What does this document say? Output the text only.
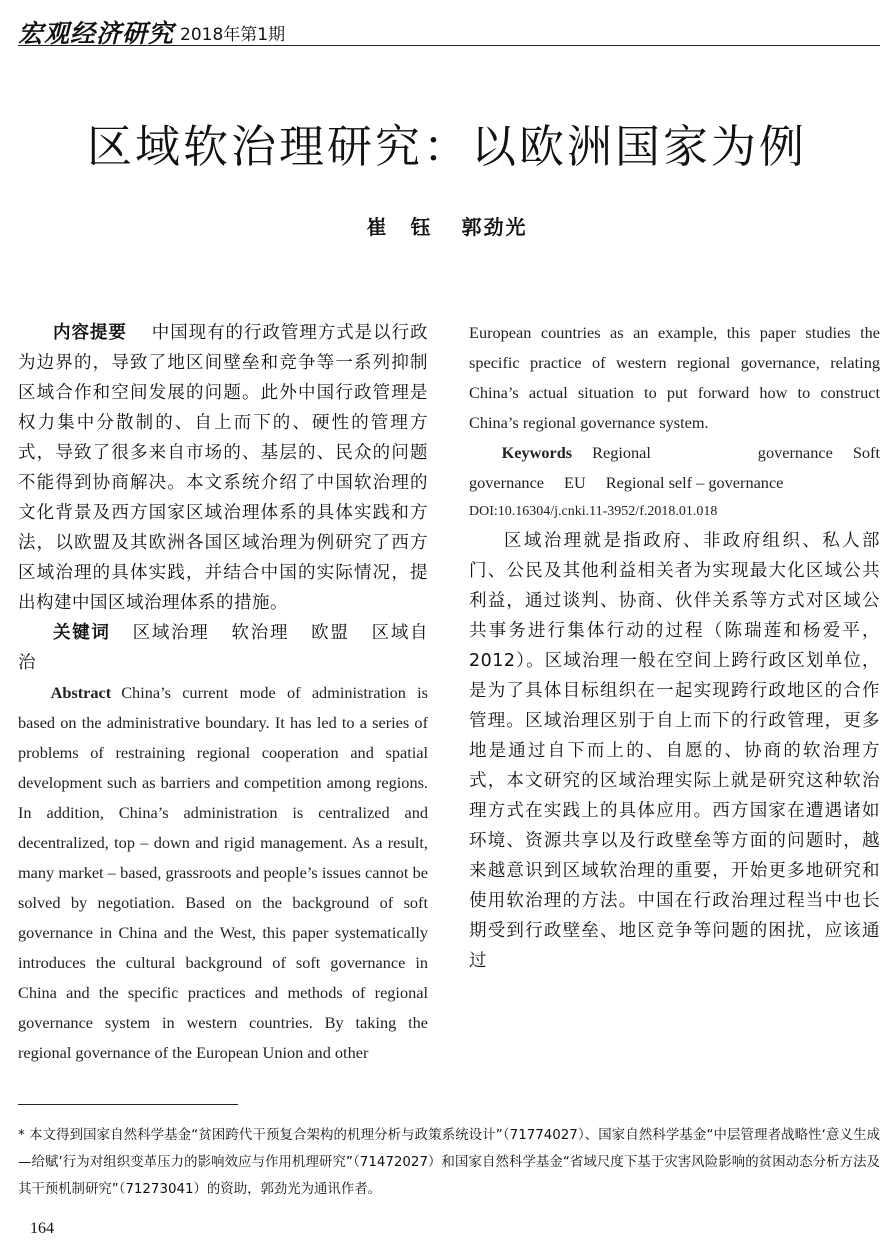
宏观经济研究 2018年第1期
区域软治理研究：以欧洲国家为例
崔　钰 郭劲光

内容提要　 中国现有的行政管理方式是以行政为边界的，导致了地区间壁垒和竞争等一系列抑制区域合作和空间发展的问题。此外中国行政管理是权力集中分散制的、自上而下的、硬性的管理方式，导致了很多来自市场的、基层的、民众的问题不能得到协商解决。本文系统介绍了中国软治理的文化背景及西方国家区域治理体系的具体实践和方法，以欧盟及其欧洲各国区域治理为例研究了西方区域治理的具体实践，并结合中国的实际情况，提出构建中国区域治理体系的措施。

关键词 区域治理 软治理 欧盟 区域自治

Abstract China’s current mode of administration is based on the administrative boundary. It has led to a series of problems of restraining regional cooperation and spatial development such as barriers and competition among regions. In addition, China’s administration is centralized and decentralized, top – down and rigid management. As a result, many market – based, grassroots and people’s issues cannot be solved by negotiation. Based on the background of soft governance in China and the West, this paper systematically introduces the cultural background of soft governance in China and the specific practices and methods of regional governance system in western countries. By taking the regional governance of the European Union and other

European countries as an example, this paper studies the specific practice of western regional governance, relating China’s actual situation to put forward how to construct China’s regional governance system.

Keywords Regional governance Soft governance EU Regional self – governance

DOI:10.16304/j.cnki.11-3952/f.2018.01.018

区域治理就是指政府、非政府组织、私人部门、公民及其他利益相关者为实现最大化区域公共利益，通过谈判、协商、伙伴关系等方式对区域公共事务进行集体行动的过程（陈瑞莲和杨爱平，2012）。区域治理一般在空间上跨行政区划单位，是为了具体目标组织在一起实现跨行政地区的合作管理。区域治理区别于自上而下的行政管理，更多地是通过自下而上的、自愿的、协商的软治理方式，本文研究的区域治理实际上就是研究这种软治理方式在实践上的具体应用。西方国家在遭遇诸如环境、资源共享以及行政壁垒等方面的问题时，越来越意识到区域软治理的重要，开始更多地研究和使用软治理的方法。中国在行政治理过程当中也长期受到行政壁垒、地区竞争等问题的困扰，应该通过

* 本文得到国家自然科学基金“贫困跨代干预复合架构的机理分析与政策系统设计”（71774027）、国家自然科学基金“中层管理者战略性‘意义生成—给赋’行为对组织变革压力的影响效应与作用机理研究”（71472027）和国家自然科学基金“省域尺度下基于灾害风险影响的贫困动态分析方法及其干预机制研究”（71273041）的资助，郭劲光为通讯作者。

164
